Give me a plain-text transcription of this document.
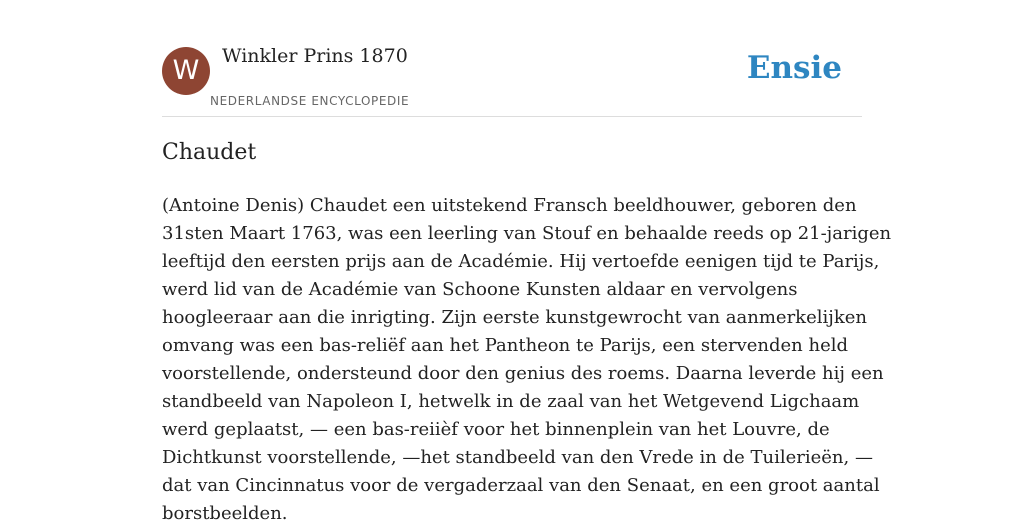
W	Winkler Prins 1870
NEDERLANDSE ENCYCLOPEDIE
Ensie
Chaudet
(Antoine Denis) Chaudet een uitstekend Fransch beeldhouwer, geboren den
31sten Maart 1763, was een leerling van Stouf en behaalde reeds op 21-jarigen
leeftijd den eersten prijs aan de Académie. Hij vertoefde eenigen tijd te Parijs,
werd lid van de Académie van Schoone Kunsten aldaar en vervolgens
hoogleeraar aan die inrigting. Zijn eerste kunstgewrocht van aanmerkelijken
omvang was een bas-reliëf aan het Pantheon te Parijs, een stervenden held
voorstellende, ondersteund door den genius des roems. Daarna leverde hij een
standbeeld van Napoleon I, hetwelk in de zaal van het Wetgevend Ligchaam
werd geplaatst, — een bas-reiièf voor het binnenplein van het Louvre, de
Dichtkunst voorstellende, —het standbeeld van den Vrede in de Tuilerieën, —
dat van Cincinnatus voor de vergaderzaal van den Senaat, en een groot aantal
borstbeelden.
